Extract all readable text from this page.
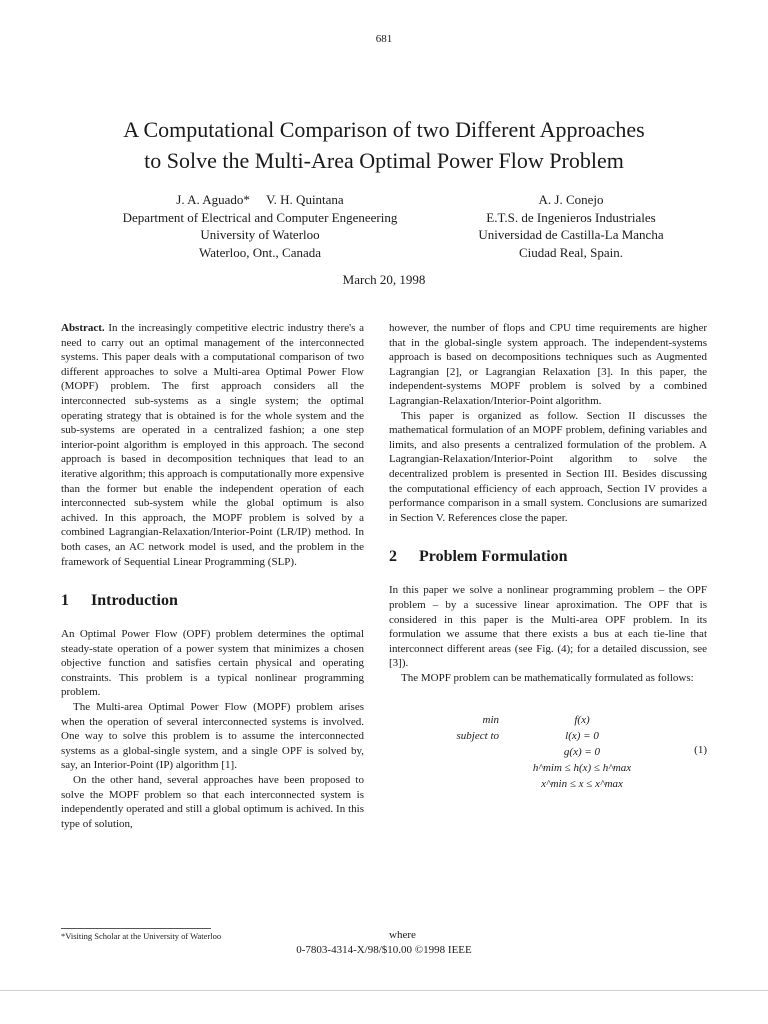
681
A Computational Comparison of two Different Approaches
to Solve the Multi-Area Optimal Power Flow Problem
J. A. Aguado*     V. H. Quintana
Department of Electrical and Computer Engeneering
University of Waterloo
Waterloo, Ont., Canada
A. J. Conejo
E.T.S. de Ingenieros Industriales
Universidad de Castilla-La Mancha
Ciudad Real, Spain.
March 20, 1998

Abstract. In the increasingly competitive electric industry there's a need to carry out an optimal management of the interconnected systems. This paper deals with a computational comparison of two different approaches to solve a Multi-area Optimal Power Flow (MOPF) problem. The first approach considers all the interconnected sub-systems as a single system; the optimal operating strategy that is obtained is for the whole system and the sub-systems are operated in a centralized fashion; a one step interior-point algorithm is employed in this approach. The second approach is based in decomposition techniques that lead to an iterative algorithm; this approach is computationally more expensive than the former but enable the independent operation of each interconnected sub-system while the global optimum is also achived. In this approach, the MOPF problem is solved by a combined Lagrangian-Relaxation/Interior-Point (LR/IP) method. In both cases, an AC network model is used, and the problem in the framework of Sequential Linear Programming (SLP).

1 Introduction

An Optimal Power Flow (OPF) problem determines the optimal steady-state operation of a power system that minimizes a chosen objective function and satisfies certain physical and operating constraints. This problem is a typical nonlinear programming problem.

The Multi-area Optimal Power Flow (MOPF) problem arises when the operation of several interconnected systems is involved. One way to solve this problem is to assume the interconnected systems as a global-single system, and a single OPF is solved by, say, an Interior-Point (IP) algorithm [1].

On the other hand, several approaches have been proposed to solve the MOPF problem so that each interconnected system is independently operated and still a global optimum is achived. In this type of solution,

however, the number of flops and CPU time requirements are higher that in the global-single system approach. The independent-systems approach is based on decompositions techniques such as Augmented Lagrangian [2], or Lagrangian Relaxation [3]. In this paper, the independent-systems MOPF problem is solved by a combined Lagrangian-Relaxation/Interior-Point algorithm.

This paper is organized as follow. Section II discusses the mathematical formulation of an MOPF problem, defining variables and limits, and also presents a centralized formulation of the problem. A Lagrangian-Relaxation/Interior-Point algorithm to solve the decentralized problem is presented in Section III. Besides discussing the computational efficiency of each approach, Section IV provides a performance comparison in a small system. Conclusions are sumarized in Section V. References close the paper.

2 Problem Formulation

In this paper we solve a nonlinear programming problem – the OPF problem – by a sucessive linear aproximation. The OPF that is considered in this paper is the Multi-area OPF problem. In its formulation we assume that there exists a bus at each tie-line that interconnect different areas (see Fig. (4); for a detailed discussion, see [3]).

The MOPF problem can be mathematically formulated as follows:

min	f(x)
subject to	l(x) = 0
g(x) = 0
h^mim ≤ h(x) ≤ h^max
x^min ≤ x ≤ x^max
(1)
*Visiting Scholar at the University of Waterloo	where
0-7803-4314-X/98/$10.00 ©1998 IEEE
